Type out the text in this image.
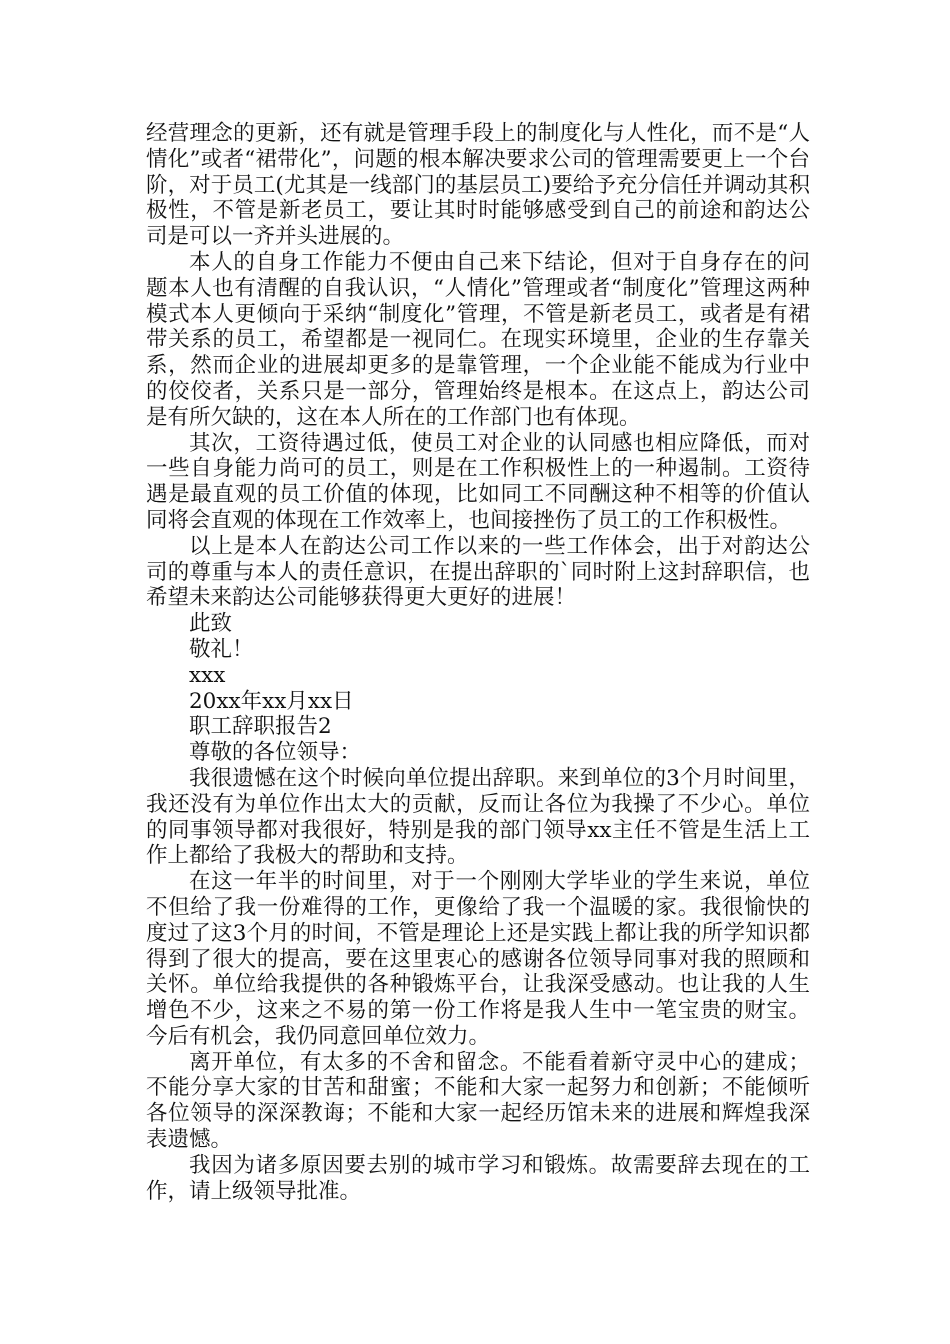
经营理念的更新，还有就是管理手段上的制度化与人性化，而不是“人情化”或者“裙带化”，问题的根本解决要求公司的管理需要更上一个台阶，对于员工(尤其是一线部门的基层员工)要给予充分信任并调动其积极性，不管是新老员工，要让其时时能够感受到自己的前途和韵达公司是可以一齐并头进展的。

本人的自身工作能力不便由自己来下结论，但对于自身存在的问题本人也有清醒的自我认识，“人情化”管理或者“制度化”管理这两种模式本人更倾向于采纳“制度化”管理，不管是新老员工，或者是有裙带关系的员工，希望都是一视同仁。在现实环境里，企业的生存靠关系，然而企业的进展却更多的是靠管理，一个企业能不能成为行业中的佼佼者，关系只是一部分，管理始终是根本。在这点上，韵达公司是有所欠缺的，这在本人所在的工作部门也有体现。

其次，工资待遇过低，使员工对企业的认同感也相应降低，而对一些自身能力尚可的员工，则是在工作积极性上的一种遏制。工资待遇是最直观的员工价值的体现，比如同工不同酬这种不相等的价值认同将会直观的体现在工作效率上，也间接挫伤了员工的工作积极性。

以上是本人在韵达公司工作以来的一些工作体会，出于对韵达公司的尊重与本人的责任意识，在提出辞职的`同时附上这封辞职信，也希望未来韵达公司能够获得更大更好的进展！

此致

敬礼！

xxx

20xx年xx月xx日

职工辞职报告2

尊敬的各位领导：

我很遗憾在这个时候向单位提出辞职。来到单位的3个月时间里，我还没有为单位作出太大的贡献，反而让各位为我操了不少心。单位的同事领导都对我很好，特别是我的部门领导xx主任不管是生活上工作上都给了我极大的帮助和支持。

在这一年半的时间里，对于一个刚刚大学毕业的学生来说，单位不但给了我一份难得的工作，更像给了我一个温暖的家。我很愉快的度过了这3个月的时间，不管是理论上还是实践上都让我的所学知识都得到了很大的提高，要在这里衷心的感谢各位领导同事对我的照顾和关怀。单位给我提供的各种锻炼平台，让我深受感动。也让我的人生增色不少，这来之不易的第一份工作将是我人生中一笔宝贵的财宝。今后有机会，我仍同意回单位效力。

离开单位，有太多的不舍和留念。不能看着新守灵中心的建成；不能分享大家的甘苦和甜蜜；不能和大家一起努力和创新；不能倾听各位领导的深深教诲；不能和大家一起经历馆未来的进展和辉煌我深表遗憾。

我因为诸多原因要去别的城市学习和锻炼。故需要辞去现在的工作，请上级领导批准。
